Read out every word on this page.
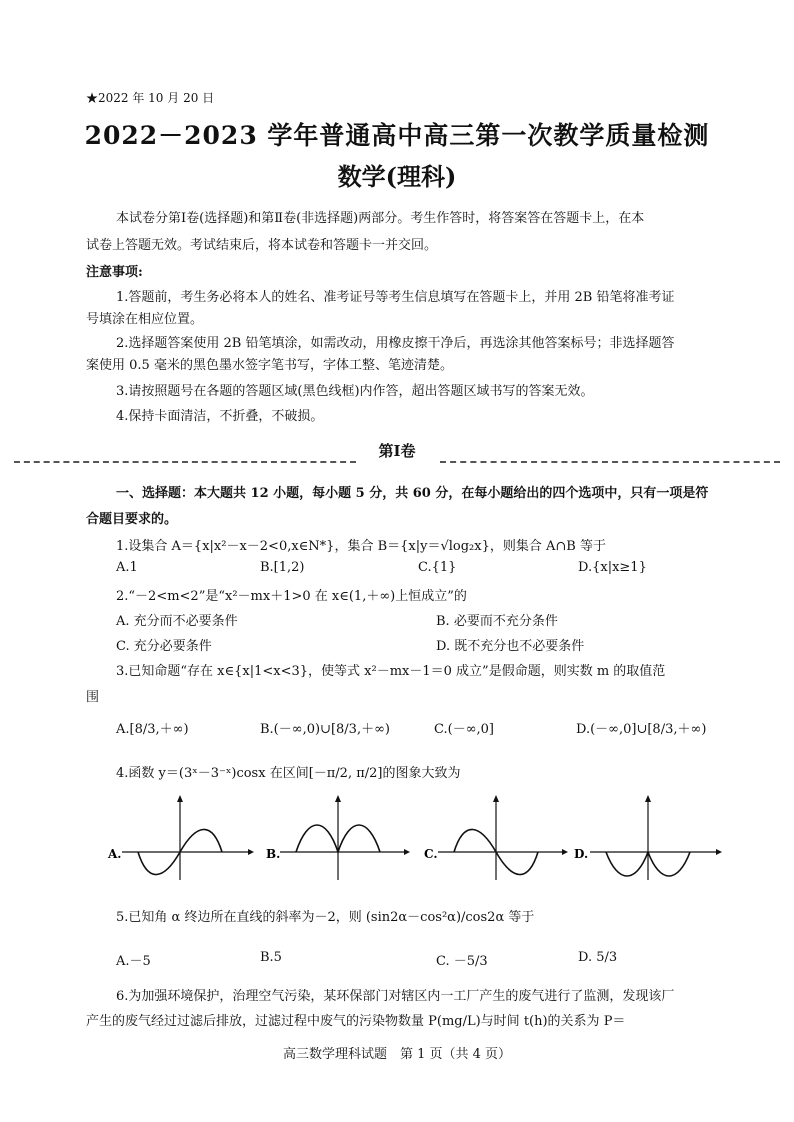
★2022 年 10 月 20 日
2022－2023 学年普通高中高三第一次教学质量检测
数学(理科)
本试卷分第Ⅰ卷(选择题)和第Ⅱ卷(非选择题)两部分。考生作答时，将答案答在答题卡上，在本
试卷上答题无效。考试结束后，将本试卷和答题卡一并交回。
注意事项:
1.答题前，考生务必将本人的姓名、准考证号等考生信息填写在答题卡上，并用 2B 铅笔将准考证
号填涂在相应位置。
2.选择题答案使用 2B 铅笔填涂，如需改动，用橡皮擦干净后，再选涂其他答案标号；非选择题答
案使用 0.5 毫米的黑色墨水签字笔书写，字体工整、笔迹清楚。
3.请按照题号在各题的答题区域(黑色线框)内作答，超出答题区域书写的答案无效。
4.保持卡面清洁，不折叠，不破损。
第Ⅰ卷
一、选择题：本大题共 12 小题，每小题 5 分，共 60 分，在每小题给出的四个选项中，只有一项是符
合题目要求的。
1.设集合 A＝{x|x²－x－2<0,x∈N*}，集合 B＝{x|y＝√log₂x}，则集合 A∩B 等于
A.1	B.[1,2)	C.{1}	D.{x|x≥1}
2.“－2<m<2”是“x²－mx＋1>0 在 x∈(1,＋∞)上恒成立”的
A. 充分而不必要条件	B. 必要而不充分条件
C. 充分必要条件	D. 既不充分也不必要条件
3.已知命题“存在 x∈{x|1<x<3}，使等式 x²－mx－1＝0 成立”是假命题，则实数 m 的取值范
围
A.[8/3,＋∞)	B.(－∞,0)∪[8/3,＋∞)	C.(－∞,0]	D.(－∞,0]∪[8/3,＋∞)
4.函数 y＝(3ˣ－3⁻ˣ)cosx 在区间[－π/2, π/2]的图象大致为
A.	B.	C.	D.
5.已知角 α 终边所在直线的斜率为－2，则 (sin2α－cos²α)/cos2α 等于
A.－5	B.5	C. －5/3	D. 5/3
6.为加强环境保护，治理空气污染，某环保部门对辖区内一工厂产生的废气进行了监测，发现该厂
产生的废气经过过滤后排放，过滤过程中废气的污染物数量 P(mg/L)与时间 t(h)的关系为 P＝
高三数学理科试题　第 1 页（共 4 页）
